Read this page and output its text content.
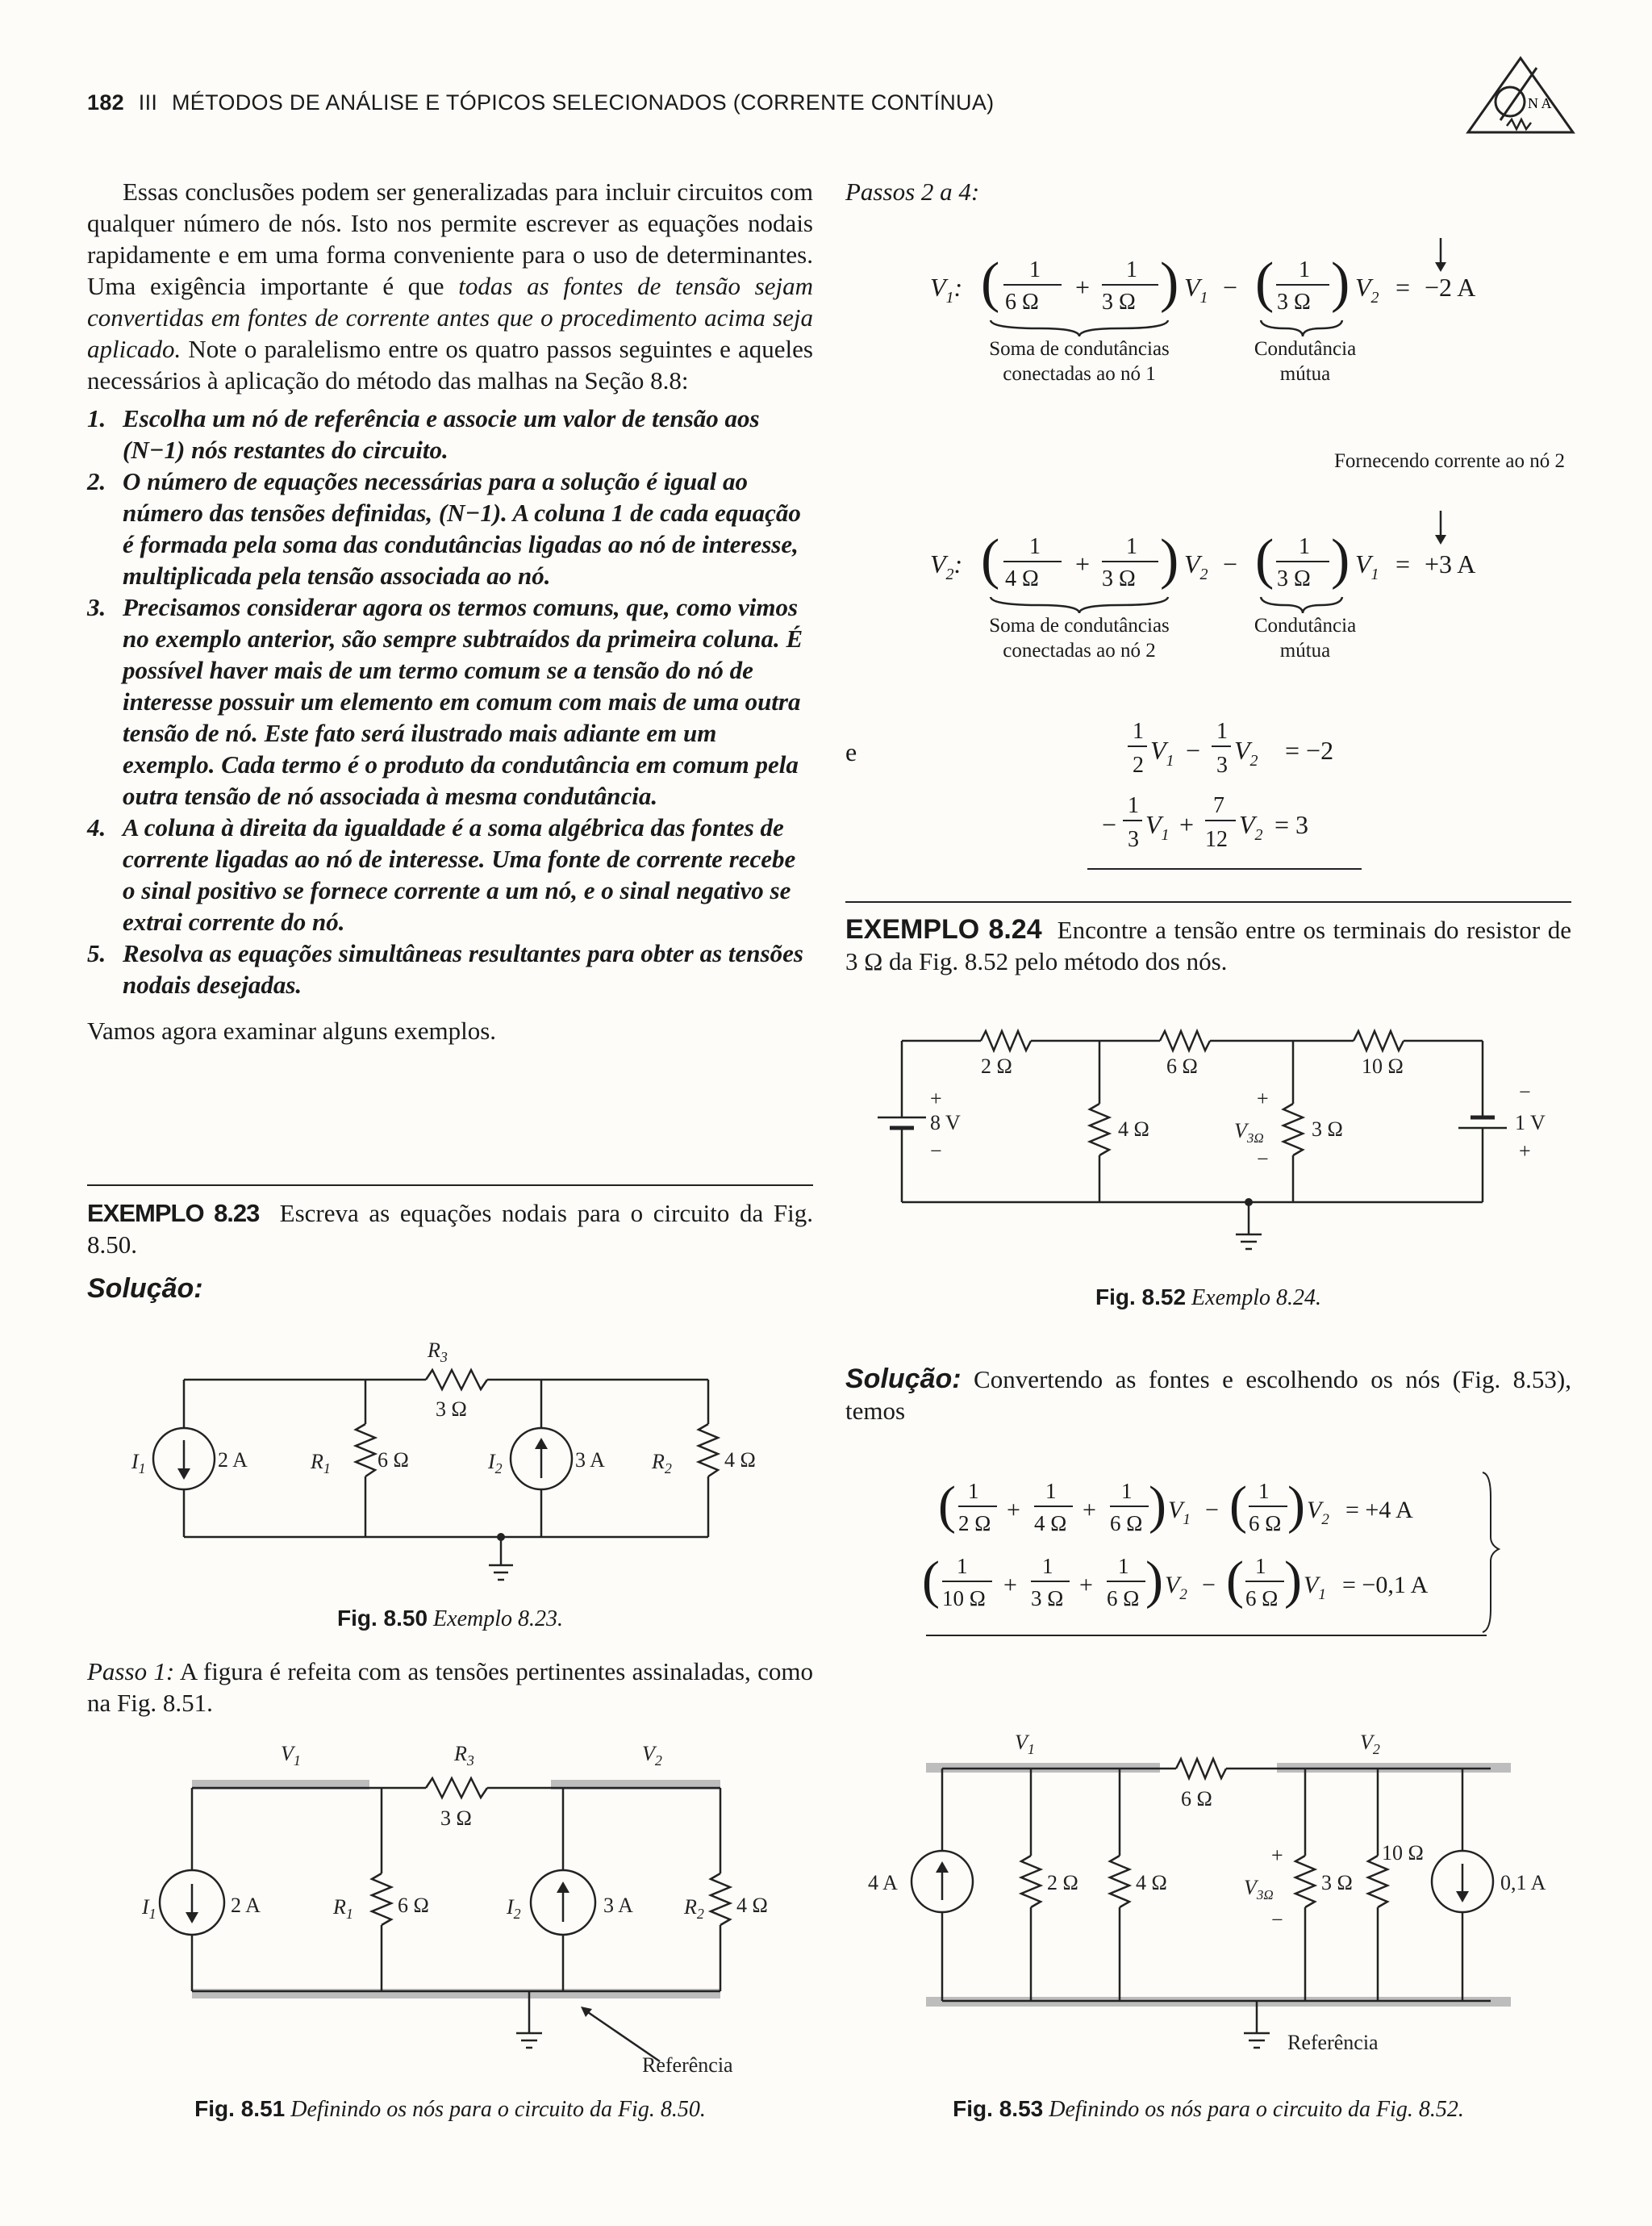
182 III MÉTODOS DE ANÁLISE E TÓPICOS SELECIONADOS (CORRENTE CONTÍNUA)	N A

Essas conclusões podem ser generalizadas para incluir circuitos com qualquer número de nós. Isto nos permite escrever as equações nodais rapidamente e em uma forma conveniente para o uso de determinantes. Uma exigência importante é que todas as fontes de tensão sejam convertidas em fontes de corrente antes que o procedimento acima seja aplicado. Note o paralelismo entre os quatro passos seguintes e aqueles necessários à aplicação do método das malhas na Seção 8.8:

1. Escolha um nó de referência e associe um valor de tensão aos (N−1) nós restantes do circuito.
2. O número de equações necessárias para a solução é igual ao número das tensões definidas, (N−1). A coluna 1 de cada equação é formada pela soma das condutâncias ligadas ao nó de interesse, multiplicada pela tensão associada ao nó.
3. Precisamos considerar agora os termos comuns, que, como vimos no exemplo anterior, são sempre subtraídos da primeira coluna. É possível haver mais de um termo comum se a tensão do nó de interesse possuir um elemento em comum com mais de uma outra tensão de nó. Este fato será ilustrado mais adiante em um exemplo. Cada termo é o produto da condutância em comum pela outra tensão de nó associada à mesma condutância.
4. A coluna à direita da igualdade é a soma algébrica das fontes de corrente ligadas ao nó de interesse. Uma fonte de corrente recebe o sinal positivo se fornece corrente a um nó, e o sinal negativo se extrai corrente do nó.
5. Resolva as equações simultâneas resultantes para obter as tensões nodais desejadas.

Vamos agora examinar alguns exemplos.

EXEMPLO 8.23 Escreva as equações nodais para o circuito da Fig. 8.50.

Solução:
$I_1$	2 A	$R_1$ 6 Ω
$R_3$
3 Ω
$I_2$	3 A $R_2$	4 Ω
Fig. 8.50 Exemplo 8.23.

Passo 1: A figura é refeita com as tensões pertinentes assinaladas, como na Fig. 8.51.

$V_1$	$R_3$	$V_2$
3 Ω
$I_1$	2 A	$R_1$ 6 Ω	$I_2$	3 A $R_2$ 4 Ω
Referência
Fig. 8.51 Definindo os nós para o circuito da Fig. 8.50.
Passos 2 a 4:
$V_1$: ( 1
6 Ω
+
1
3 Ω ) $V_1$ − ( 1
3 Ω ) $V_2 = -2$ A
Soma de condutâncias conectadas ao nó 1
Condutância mútua
Fornecendo corrente ao nó 2
$V_2$: ( 1
4 Ω
+
1
3 Ω ) $V_2$ − ( 1
3 Ω ) $V_1 = +3$ A
Soma de condutâncias conectadas ao nó 2
Condutância mútua
e
1
2
$V_1$ −
1
3
$V_2 = -2$
−
1
3
$V_1$ +
7
12
$V_2 = 3$

EXEMPLO 8.24 Encontre a tensão entre os terminais do resistor de 3 Ω da Fig. 8.52 pelo método dos nós.

2 Ω	6 Ω	10 Ω
+
8 V
−
4 Ω
+
$V_{3\Omega}$
−
3 Ω
−
1 V
+
Fig. 8.52 Exemplo 8.24.

Solução: Convertendo as fontes e escolhendo os nós (Fig. 8.53), temos

( 1
2 Ω +
1
4 Ω +
1
6 Ω ) $V_1$ − ( 1
6 Ω ) $V_2 = +4$ A
( 1
10 Ω +
1
3 Ω +
1
6 Ω ) $V_2$ − ( 1
6 Ω ) $V_1 = -0,1$ A
$V_1$	$V_2$
6 Ω
4 A	2 Ω	4 Ω
+
$V_{3\Omega}$
−
3 Ω
10 Ω
0,1 A
Referência
Fig. 8.53 Definindo os nós para o circuito da Fig. 8.52.
